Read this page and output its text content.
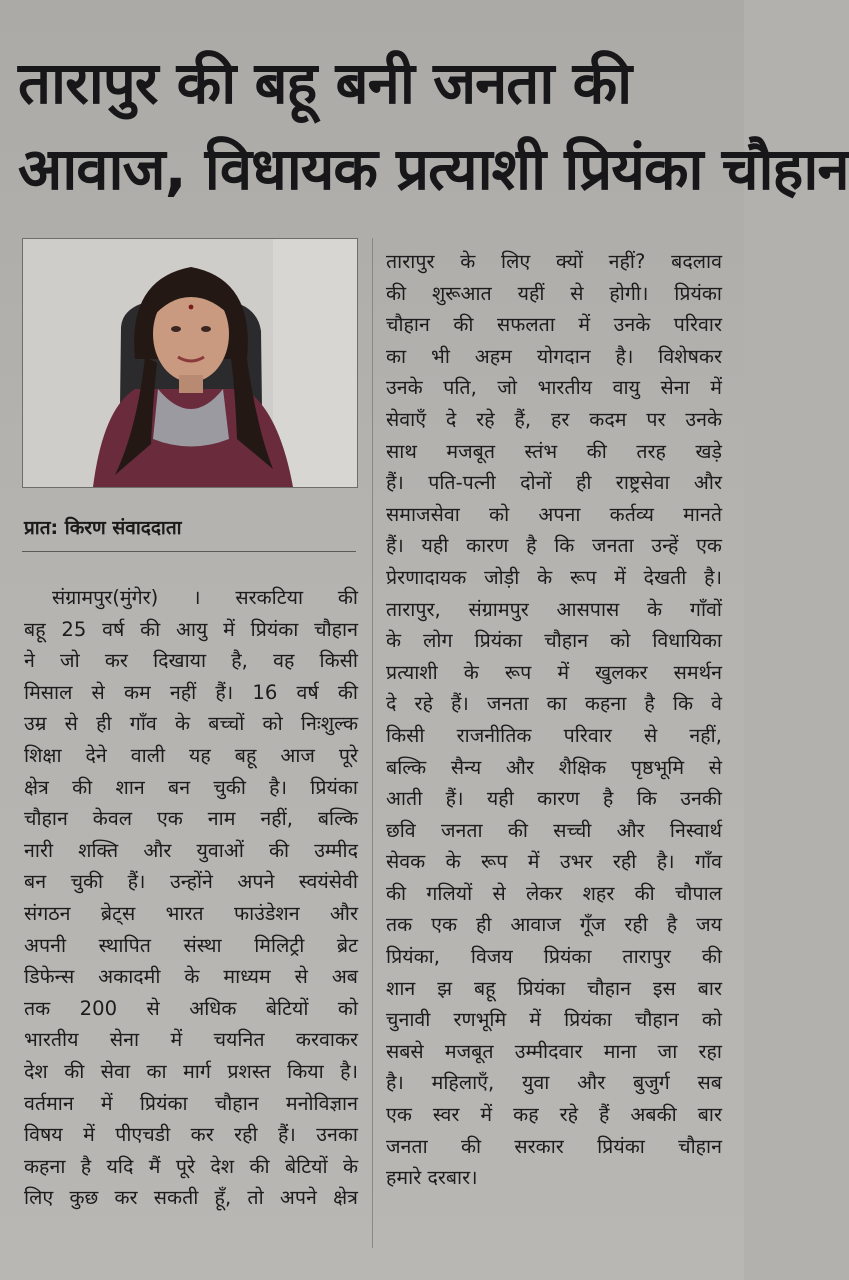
तारापुर की बहू बनी जनता की
आवाज, विधायक प्रत्याशी प्रियंका चौहान
प्रात: किरण संवाददाता
संग्रामपुर(मुंगेर) । सरकटिया की
बहू 25 वर्ष की आयु में प्रियंका चौहान
ने जो कर दिखाया है, वह किसी
मिसाल से कम नहीं हैं। 16 वर्ष की
उम्र से ही गाँव के बच्चों को निःशुल्क
शिक्षा देने वाली यह बहू आज पूरे
क्षेत्र की शान बन चुकी है। प्रियंका
चौहान केवल एक नाम नहीं, बल्कि
नारी शक्ति और युवाओं की उम्मीद
बन चुकी हैं। उन्होंने अपने स्वयंसेवी
संगठन ब्रेट्स भारत फाउंडेशन और
अपनी स्थापित संस्था मिलिट्री ब्रेट
डिफेन्स अकादमी के माध्यम से अब
तक 200 से अधिक बेटियों को
भारतीय सेना में चयनित करवाकर
देश की सेवा का मार्ग प्रशस्त किया है।
वर्तमान में प्रियंका चौहान मनोविज्ञान
विषय में पीएचडी कर रही हैं। उनका
कहना है यदि मैं पूरे देश की बेटियों के
लिए कुछ कर सकती हूँ, तो अपने क्षेत्र
तारापुर के लिए क्यों नहीं? बदलाव
की शुरूआत यहीं से होगी। प्रियंका
चौहान की सफलता में उनके परिवार
का भी अहम योगदान है। विशेषकर
उनके पति, जो भारतीय वायु सेना में
सेवाएँ दे रहे हैं, हर कदम पर उनके
साथ मजबूत स्तंभ की तरह खड़े
हैं। पति-पत्नी दोनों ही राष्ट्रसेवा और
समाजसेवा को अपना कर्तव्य मानते
हैं। यही कारण है कि जनता उन्हें एक
प्रेरणादायक जोड़ी के रूप में देखती है।
तारापुर, संग्रामपुर आसपास के गाँवों
के लोग प्रियंका चौहान को विधायिका
प्रत्याशी के रूप में खुलकर समर्थन
दे रहे हैं। जनता का कहना है कि वे
किसी राजनीतिक परिवार से नहीं,
बल्कि सैन्य और शैक्षिक पृष्ठभूमि से
आती हैं। यही कारण है कि उनकी
छवि जनता की सच्ची और निस्वार्थ
सेवक के रूप में उभर रही है। गाँव
की गलियों से लेकर शहर की चौपाल
तक एक ही आवाज गूँज रही है जय
प्रियंका, विजय प्रियंका तारापुर की
शान झ बहू प्रियंका चौहान इस बार
चुनावी रणभूमि में प्रियंका चौहान को
सबसे मजबूत उम्मीदवार माना जा रहा
है। महिलाएँ, युवा और बुजुर्ग सब
एक स्वर में कह रहे हैं अबकी बार
जनता की सरकार प्रियंका चौहान
हमारे दरबार।
